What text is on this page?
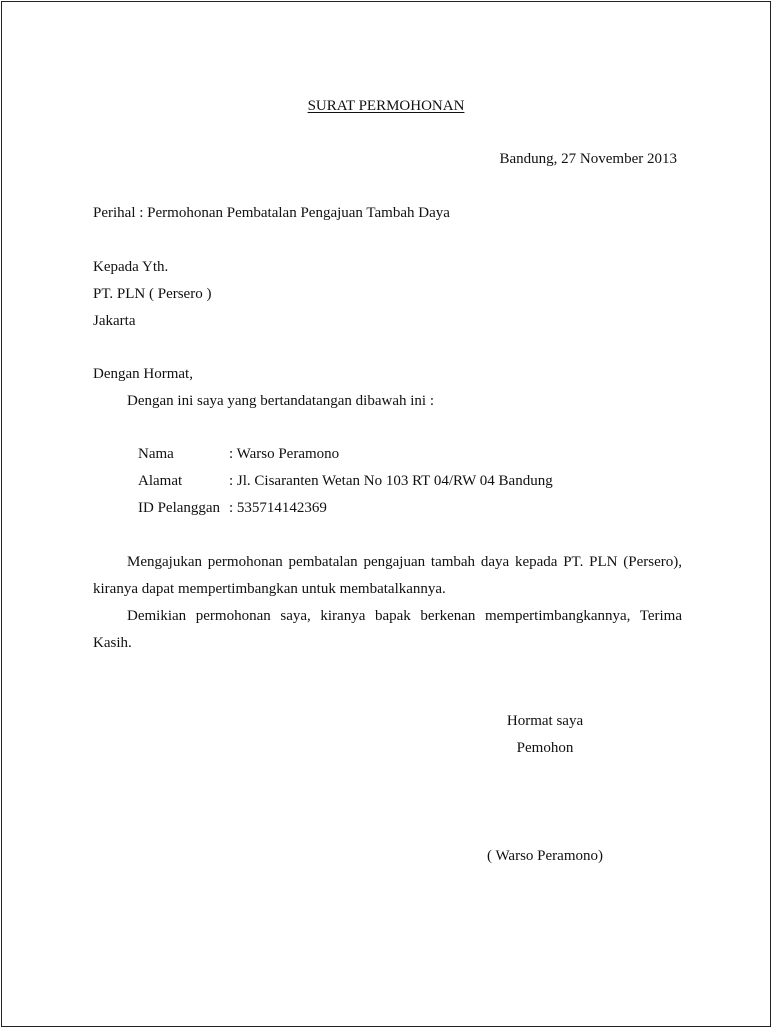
SURAT PERMOHONAN
Bandung, 27 November 2013
Perihal : Permohonan Pembatalan Pengajuan Tambah Daya
Kepada Yth.
PT. PLN ( Persero )
Jakarta
Dengan Hormat,
Dengan ini saya yang bertandatangan dibawah ini :
Nama	: Warso Peramono
Alamat	: Jl. Cisaranten Wetan No 103 RT 04/RW 04 Bandung
ID Pelanggan : 535714142369
Mengajukan permohonan pembatalan pengajuan tambah daya kepada PT. PLN (Persero),
kiranya dapat mempertimbangkan untuk membatalkannya.
Demikian permohonan saya, kiranya bapak berkenan mempertimbangkannya, Terima
Kasih.
Hormat saya
Pemohon
( Warso Peramono)
